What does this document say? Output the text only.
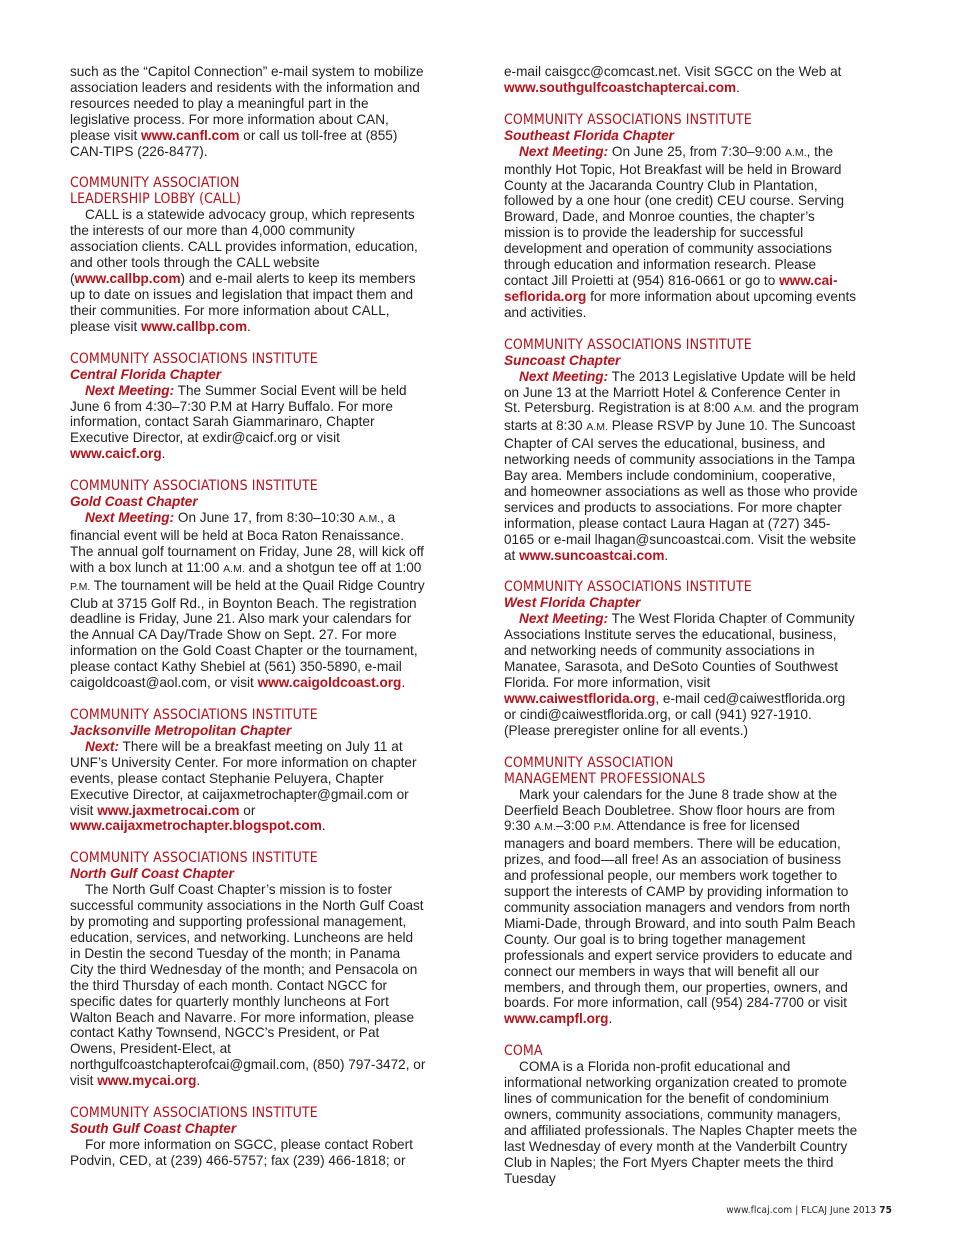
such as the “Capitol Connection” e-mail system to mobilize association leaders and residents with the information and resources needed to play a meaningful part in the legislative process. For more information about CAN, please visit www.canfl.com or call us toll-free at (855) CAN-TIPS (226-8477).

COMMUNITY ASSOCIATION
LEADERSHIP LOBBY (CALL)

CALL is a statewide advocacy group, which represents the interests of our more than 4,000 community association clients. CALL provides information, education, and other tools through the CALL website (www.callbp.com) and e-mail alerts to keep its members up to date on issues and legislation that impact them and their communities. For more information about CALL, please visit www.callbp.com.

COMMUNITY ASSOCIATIONS INSTITUTE
Central Florida Chapter

Next Meeting: The Summer Social Event will be held June 6 from 4:30–7:30 P.M at Harry Buffalo. For more information, contact Sarah Giammarinaro, Chapter Executive Director, at exdir@caicf.org or visit www.caicf.org.

COMMUNITY ASSOCIATIONS INSTITUTE
Gold Coast Chapter

Next Meeting: On June 17, from 8:30–10:30 A.M., a financial event will be held at Boca Raton Renaissance. The annual golf tournament on Friday, June 28, will kick off with a box lunch at 11:00 A.M. and a shotgun tee off at 1:00 P.M. The tournament will be held at the Quail Ridge Country Club at 3715 Golf Rd., in Boynton Beach. The registration deadline is Friday, June 21. Also mark your calendars for the Annual CA Day/Trade Show on Sept. 27. For more information on the Gold Coast Chapter or the tournament, please contact Kathy Shebiel at (561) 350-5890, e-mail caigoldcoast@aol.com, or visit www.caigoldcoast.org.

COMMUNITY ASSOCIATIONS INSTITUTE
Jacksonville Metropolitan Chapter

Next: There will be a breakfast meeting on July 11 at UNF’s University Center. For more information on chapter events, please contact Stephanie Peluyera, Chapter Executive Director, at caijaxmetrochapter@gmail.com or visit www.jaxmetrocai.com or www.caijaxmetrochapter.blogspot.com.

COMMUNITY ASSOCIATIONS INSTITUTE
North Gulf Coast Chapter

The North Gulf Coast Chapter’s mission is to foster successful community associations in the North Gulf Coast by promoting and supporting professional management, education, services, and networking. Luncheons are held in Destin the second Tuesday of the month; in Panama City the third Wednesday of the month; and Pensacola on the third Thursday of each month. Contact NGCC for specific dates for quarterly monthly luncheons at Fort Walton Beach and Navarre. For more information, please contact Kathy Townsend, NGCC’s President, or Pat Owens, President-Elect, at northgulfcoastchapterofcai@gmail.com, (850) 797-3472, or visit www.mycai.org.

COMMUNITY ASSOCIATIONS INSTITUTE
South Gulf Coast Chapter

For more information on SGCC, please contact Robert Podvin, CED, at (239) 466-5757; fax (239) 466-1818; or

e-mail caisgcc@comcast.net. Visit SGCC on the Web at www.southgulfcoastchaptercai.com.

COMMUNITY ASSOCIATIONS INSTITUTE
Southeast Florida Chapter

Next Meeting: On June 25, from 7:30–9:00 A.M., the monthly Hot Topic, Hot Breakfast will be held in Broward County at the Jacaranda Country Club in Plantation, followed by a one hour (one credit) CEU course. Serving Broward, Dade, and Monroe counties, the chapter’s mission is to provide the leadership for successful development and operation of community associations through education and information research. Please contact Jill Proietti at (954) 816-0661 or go to www.cai-seflorida.org for more information about upcoming events and activities.

COMMUNITY ASSOCIATIONS INSTITUTE
Suncoast Chapter

Next Meeting: The 2013 Legislative Update will be held on June 13 at the Marriott Hotel & Conference Center in St. Petersburg. Registration is at 8:00 A.M. and the program starts at 8:30 A.M. Please RSVP by June 10. The Suncoast Chapter of CAI serves the educational, business, and networking needs of community associations in the Tampa Bay area. Members include condominium, cooperative, and homeowner associations as well as those who provide services and products to associations. For more chapter information, please contact Laura Hagan at (727) 345-0165 or e-mail lhagan@suncoastcai.com. Visit the website at www.suncoastcai.com.

COMMUNITY ASSOCIATIONS INSTITUTE
West Florida Chapter

Next Meeting: The West Florida Chapter of Community Associations Institute serves the educational, business, and networking needs of community associations in Manatee, Sarasota, and DeSoto Counties of Southwest Florida. For more information, visit www.caiwestflorida.org, e-mail ced@caiwestflorida.org or cindi@caiwestflorida.org, or call (941) 927-1910. (Please preregister online for all events.)

COMMUNITY ASSOCIATION
MANAGEMENT PROFESSIONALS

Mark your calendars for the June 8 trade show at the Deerfield Beach Doubletree. Show floor hours are from 9:30 A.M.–3:00 P.M. Attendance is free for licensed managers and board members. There will be education, prizes, and food—all free! As an association of business and professional people, our members work together to support the interests of CAMP by providing information to community association managers and vendors from north Miami-Dade, through Broward, and into south Palm Beach County. Our goal is to bring together management professionals and expert service providers to educate and connect our members in ways that will benefit all our members, and through them, our properties, owners, and boards. For more information, call (954) 284-7700 or visit www.campfl.org.

COMA

COMA is a Florida non-profit educational and informational networking organization created to promote lines of communication for the benefit of condominium owners, community associations, community managers, and affiliated professionals. The Naples Chapter meets the last Wednesday of every month at the Vanderbilt Country Club in Naples; the Fort Myers Chapter meets the third Tuesday

www.flcaj.com | FLCAJ June 2013 75
